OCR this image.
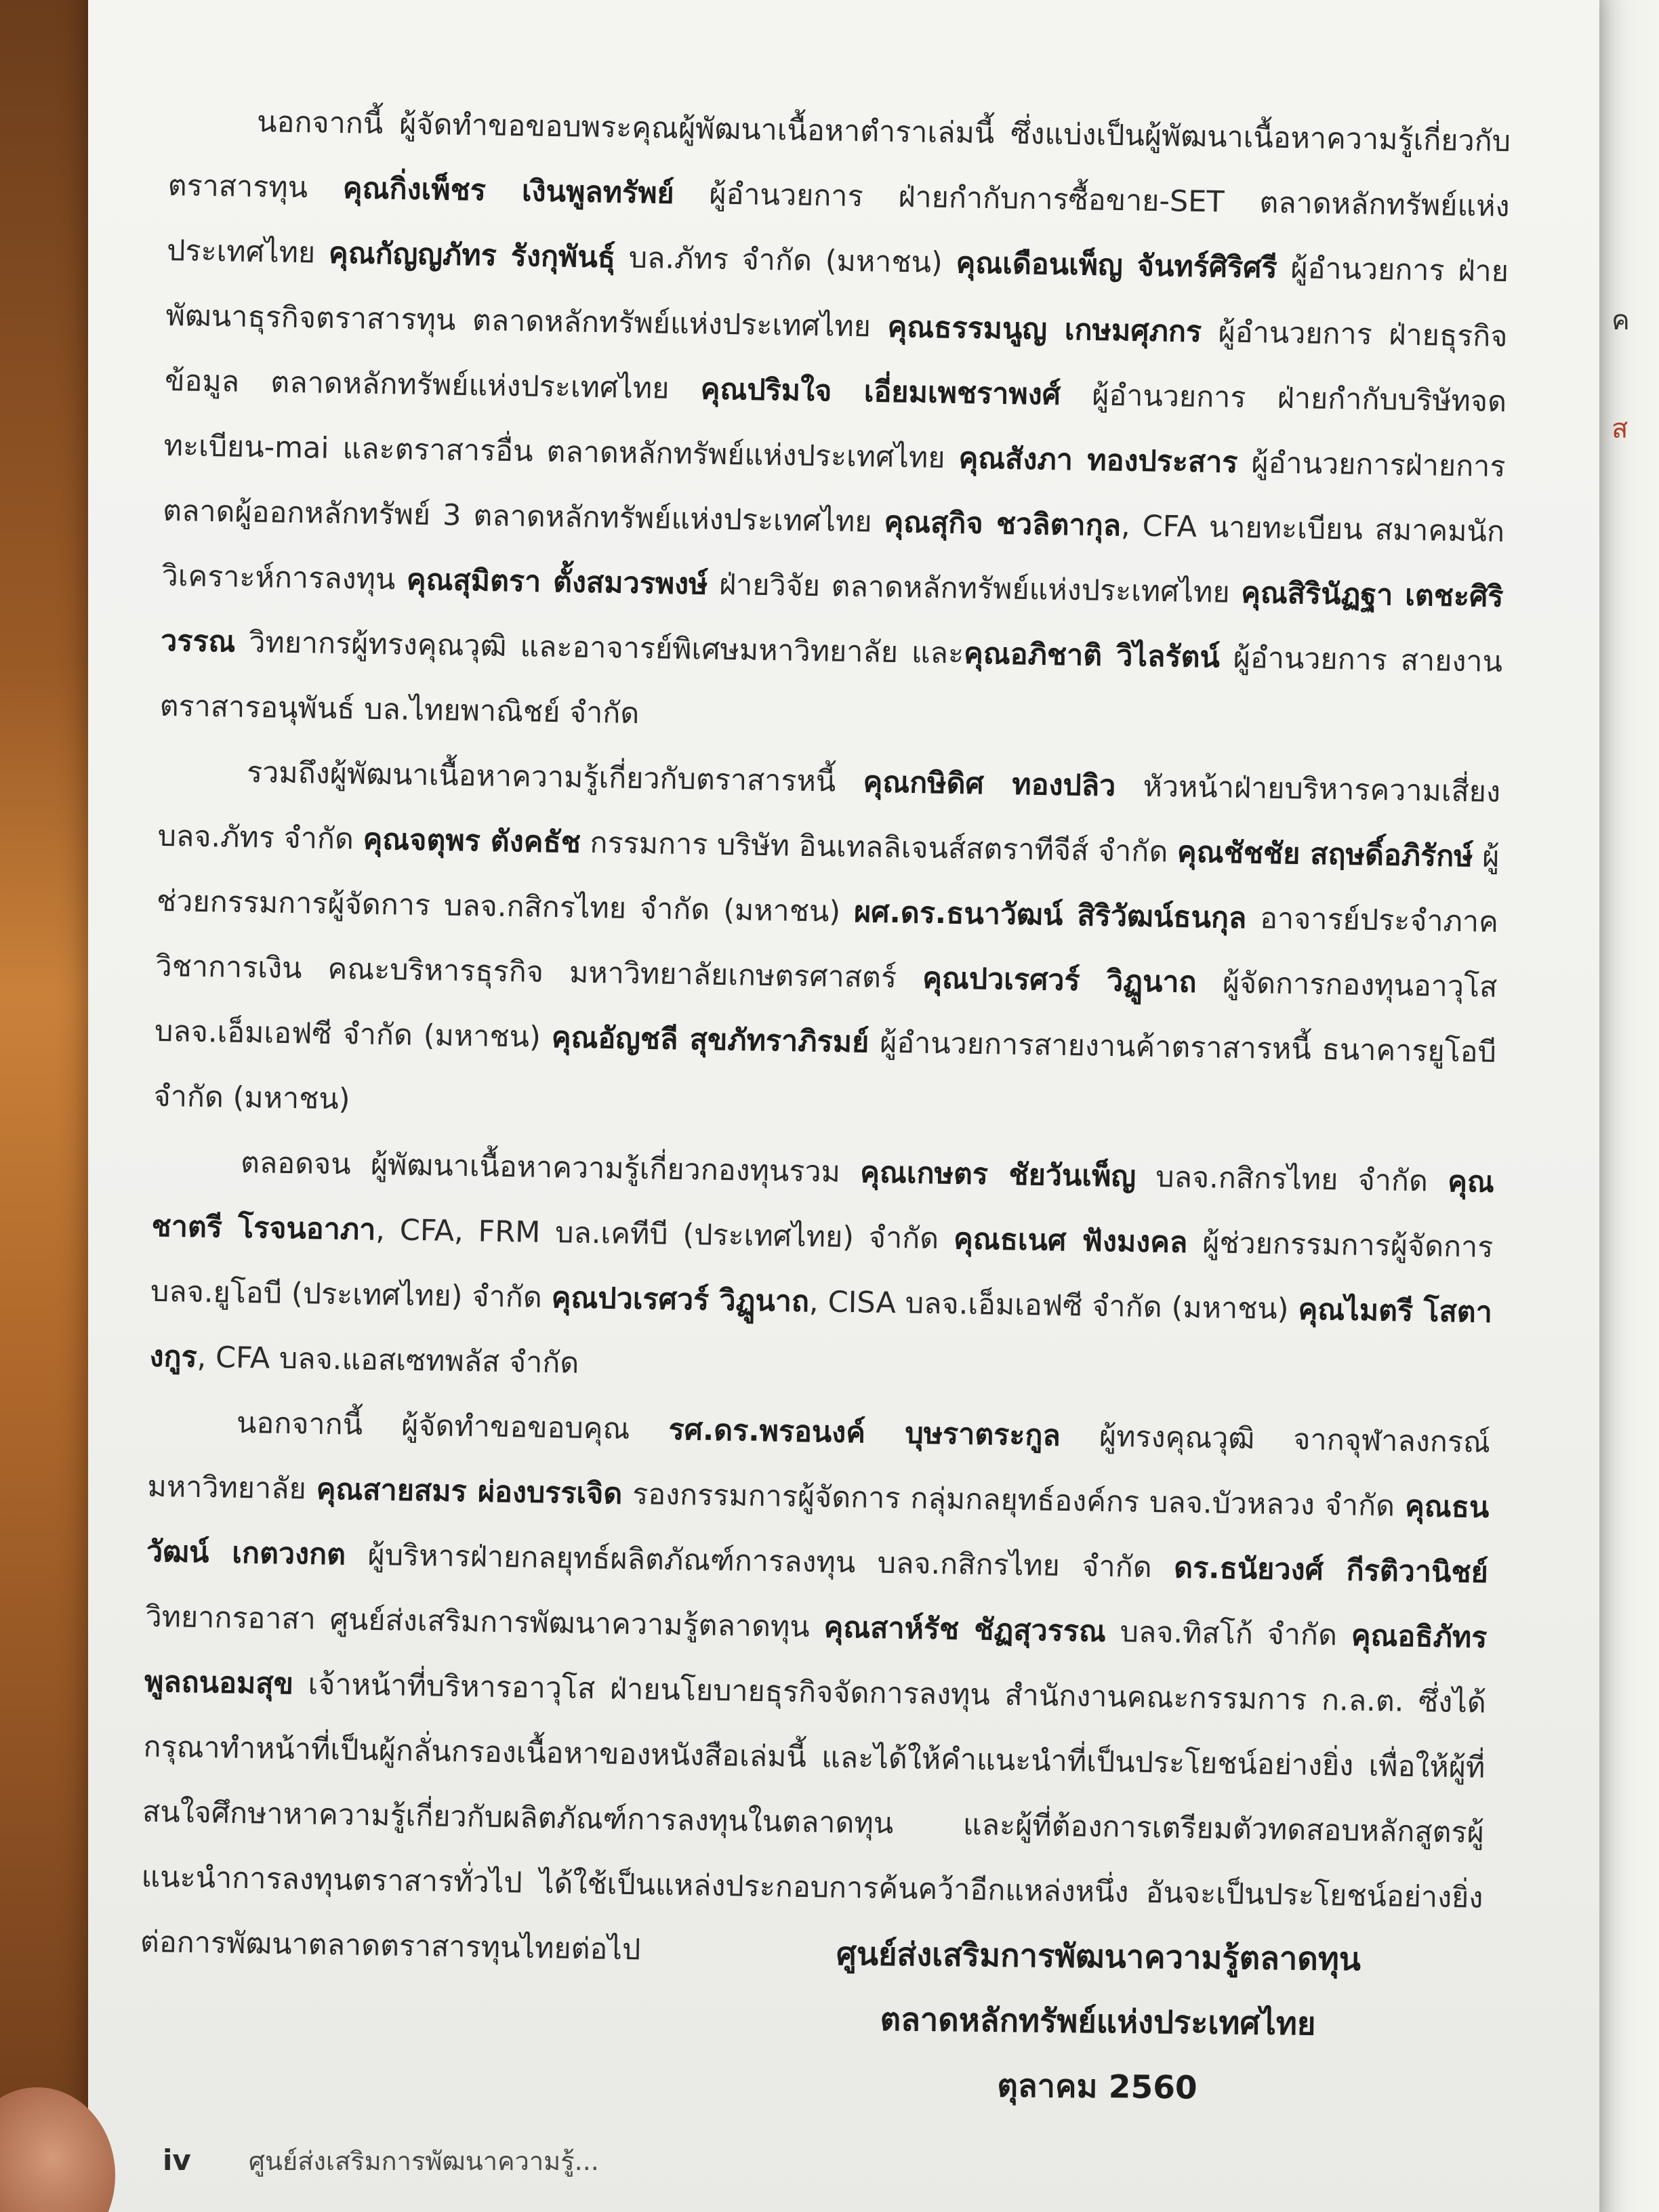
ค
ส

นอกจากนี้ ผู้จัดทำขอขอบพระคุณผู้พัฒนาเนื้อหาตำราเล่มนี้ ซึ่งแบ่งเป็นผู้พัฒนาเนื้อหาความรู้เกี่ยวกับตราสารทุน คุณกิ่งเพ็ชร เงินพูลทรัพย์ ผู้อำนวยการ ฝ่ายกำกับการซื้อขาย-SET ตลาดหลักทรัพย์แห่งประเทศไทย คุณกัญญภัทร รังกุพันธุ์ บล.ภัทร จำกัด (มหาชน) คุณเดือนเพ็ญ จันทร์ศิริศรี ผู้อำนวยการ ฝ่ายพัฒนาธุรกิจตราสารทุน ตลาดหลักทรัพย์แห่งประเทศไทย คุณธรรมนูญ เกษมศุภกร ผู้อำนวยการ ฝ่ายธุรกิจข้อมูล ตลาดหลักทรัพย์แห่งประเทศไทย คุณปริมใจ เอี่ยมเพชราพงศ์ ผู้อำนวยการ ฝ่ายกำกับบริษัทจดทะเบียน-mai และตราสารอื่น ตลาดหลักทรัพย์แห่งประเทศไทย คุณสังภา ทองประสาร ผู้อำนวยการฝ่ายการตลาดผู้ออกหลักทรัพย์ 3 ตลาดหลักทรัพย์แห่งประเทศไทย คุณสุกิจ ชวลิตากุล, CFA นายทะเบียน สมาคมนักวิเคราะห์การลงทุน คุณสุมิตรา ตั้งสมวรพงษ์ ฝ่ายวิจัย ตลาดหลักทรัพย์แห่งประเทศไทย คุณสิรินัฏฐา เตชะศิริวรรณ วิทยากรผู้ทรงคุณวุฒิ และอาจารย์พิเศษมหาวิทยาลัย และคุณอภิชาติ วิไลรัตน์ ผู้อำนวยการ สายงานตราสารอนุพันธ์ บล.ไทยพาณิชย์ จำกัด

รวมถึงผู้พัฒนาเนื้อหาความรู้เกี่ยวกับตราสารหนี้ คุณกษิดิศ ทองปลิว หัวหน้าฝ่ายบริหารความเสี่ยง บลจ.ภัทร จำกัด คุณจตุพร ตังคธัช กรรมการ บริษัท อินเทลลิเจนส์สตราทีจีส์ จำกัด คุณชัชชัย สฤษดิ์อภิรักษ์ ผู้ช่วยกรรมการผู้จัดการ บลจ.กสิกรไทย จำกัด (มหาชน) ผศ.ดร.ธนาวัฒน์ สิริวัฒน์ธนกุล อาจารย์ประจำภาควิชาการเงิน คณะบริหารธุรกิจ มหาวิทยาลัยเกษตรศาสตร์ คุณปวเรศวร์ วิฏูนาถ ผู้จัดการกองทุนอาวุโส บลจ.เอ็มเอฟซี จำกัด (มหาชน) คุณอัญชลี สุขภัทราภิรมย์ ผู้อำนวยการสายงานค้าตราสารหนี้ ธนาคารยูโอบี จำกัด (มหาชน)

ตลอดจน ผู้พัฒนาเนื้อหาความรู้เกี่ยวกองทุนรวม คุณเกษตร ชัยวันเพ็ญ บลจ.กสิกรไทย จำกัด คุณชาตรี โรจนอาภา, CFA, FRM บล.เคทีบี (ประเทศไทย) จำกัด คุณธเนศ ฟังมงคล ผู้ช่วยกรรมการผู้จัดการ บลจ.ยูโอบี (ประเทศไทย) จำกัด คุณปวเรศวร์ วิฏูนาถ, CISA บลจ.เอ็มเอฟซี จำกัด (มหาชน) คุณไมตรี โสตางกูร, CFA บลจ.แอสเซทพลัส จำกัด

นอกจากนี้ ผู้จัดทำขอขอบคุณ รศ.ดร.พรอนงค์ บุษราตระกูล ผู้ทรงคุณวุฒิ จากจุฬาลงกรณ์มหาวิทยาลัย คุณสายสมร ผ่องบรรเจิด รองกรรมการผู้จัดการ กลุ่มกลยุทธ์องค์กร บลจ.บัวหลวง จำกัด คุณธนวัฒน์ เกตวงกต ผู้บริหารฝ่ายกลยุทธ์ผลิตภัณฑ์การลงทุน บลจ.กสิกรไทย จำกัด ดร.ธนัยวงศ์ กีรติวานิชย์ วิทยากรอาสา ศูนย์ส่งเสริมการพัฒนาความรู้ตลาดทุน คุณสาห์รัช ชัฏสุวรรณ บลจ.ทิสโก้ จำกัด คุณอธิภัทร พูลถนอมสุข เจ้าหน้าที่บริหารอาวุโส ฝ่ายนโยบายธุรกิจจัดการลงทุน สำนักงานคณะกรรมการ ก.ล.ต. ซึ่งได้กรุณาทำหน้าที่เป็นผู้กลั่นกรองเนื้อหาของหนังสือเล่มนี้ และได้ให้คำแนะนำที่เป็นประโยชน์อย่างยิ่ง เพื่อให้ผู้ที่สนใจศึกษาหาความรู้เกี่ยวกับผลิตภัณฑ์การลงทุนในตลาดทุน และผู้ที่ต้องการเตรียมตัวทดสอบหลักสูตรผู้แนะนำการลงทุนตราสารทั่วไป ได้ใช้เป็นแหล่งประกอบการค้นคว้าอีกแหล่งหนึ่ง อันจะเป็นประโยชน์อย่างยิ่งต่อการพัฒนาตลาดตราสารทุนไทยต่อไป	ศูนย์ส่งเสริมการพัฒนาความรู้ตลาดทุน
ตลาดหลักทรัพย์แห่งประเทศไทย
ตุลาคม 2560
iv ศูนย์ส่งเสริมการพัฒนาความรู้...
